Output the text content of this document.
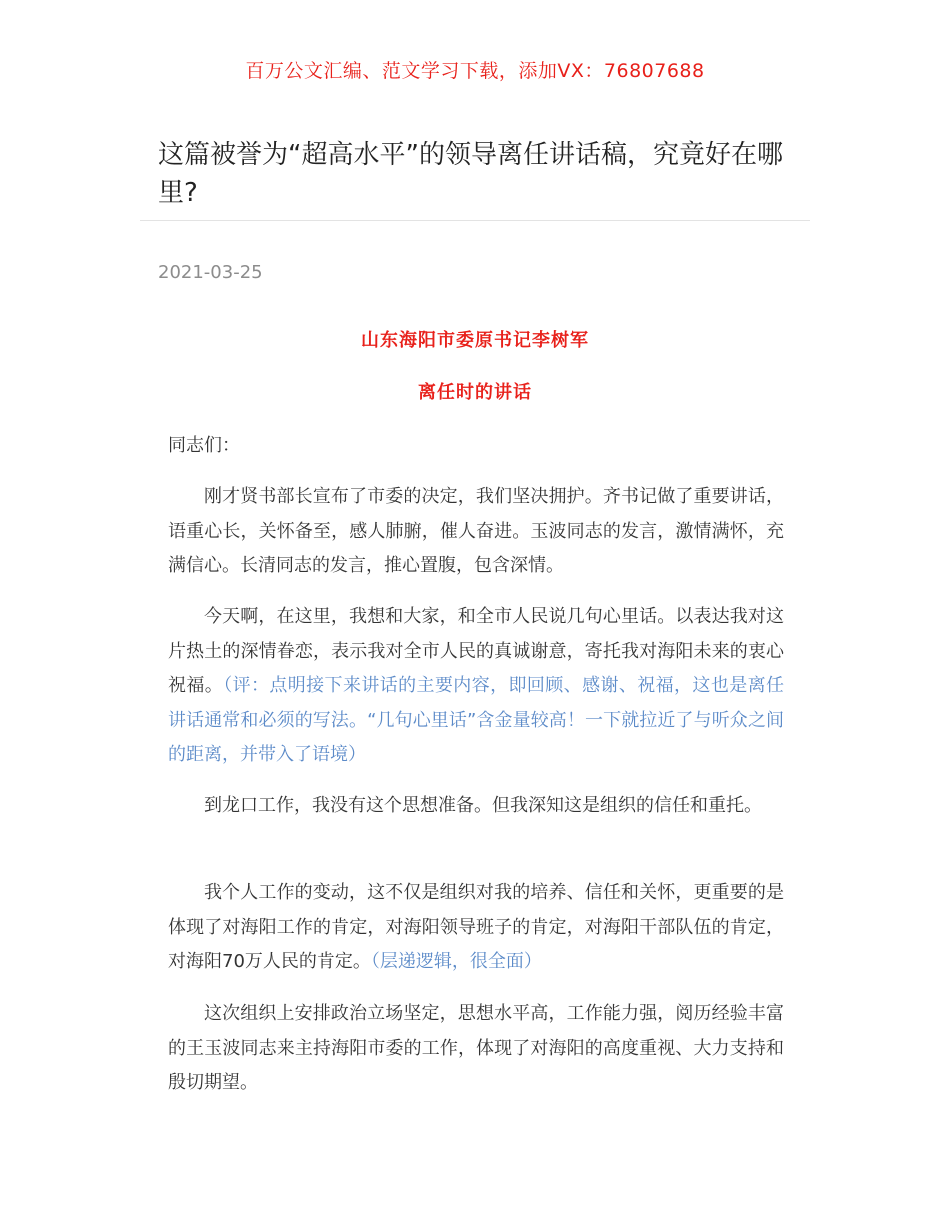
百万公文汇编、范文学习下载，添加VX：76807688
这篇被誉为“超高水平”的领导离任讲话稿，究竟好在哪里?
2021-03-25
山东海阳市委原书记李树军
离任时的讲话
同志们：

刚才贤书部长宣布了市委的决定，我们坚决拥护。齐书记做了重要讲话，语重心长，关怀备至，感人肺腑，催人奋进。玉波同志的发言，激情满怀，充满信心。长清同志的发言，推心置腹，包含深情。

今天啊，在这里，我想和大家，和全市人民说几句心里话。以表达我对这片热土的深情眷恋，表示我对全市人民的真诚谢意，寄托我对海阳未来的衷心祝福。（评：点明接下来讲话的主要内容，即回顾、感谢、祝福，这也是离任讲话通常和必须的写法。“几句心里话”含金量较高！一下就拉近了与听众之间的距离，并带入了语境）

到龙口工作，我没有这个思想准备。但我深知这是组织的信任和重托。

我个人工作的变动，这不仅是组织对我的培养、信任和关怀，更重要的是体现了对海阳工作的肯定，对海阳领导班子的肯定，对海阳干部队伍的肯定，对海阳70万人民的肯定。（层递逻辑，很全面）

这次组织上安排政治立场坚定，思想水平高，工作能力强，阅历经验丰富的王玉波同志来主持海阳市委的工作，体现了对海阳的高度重视、大力支持和殷切期望。
